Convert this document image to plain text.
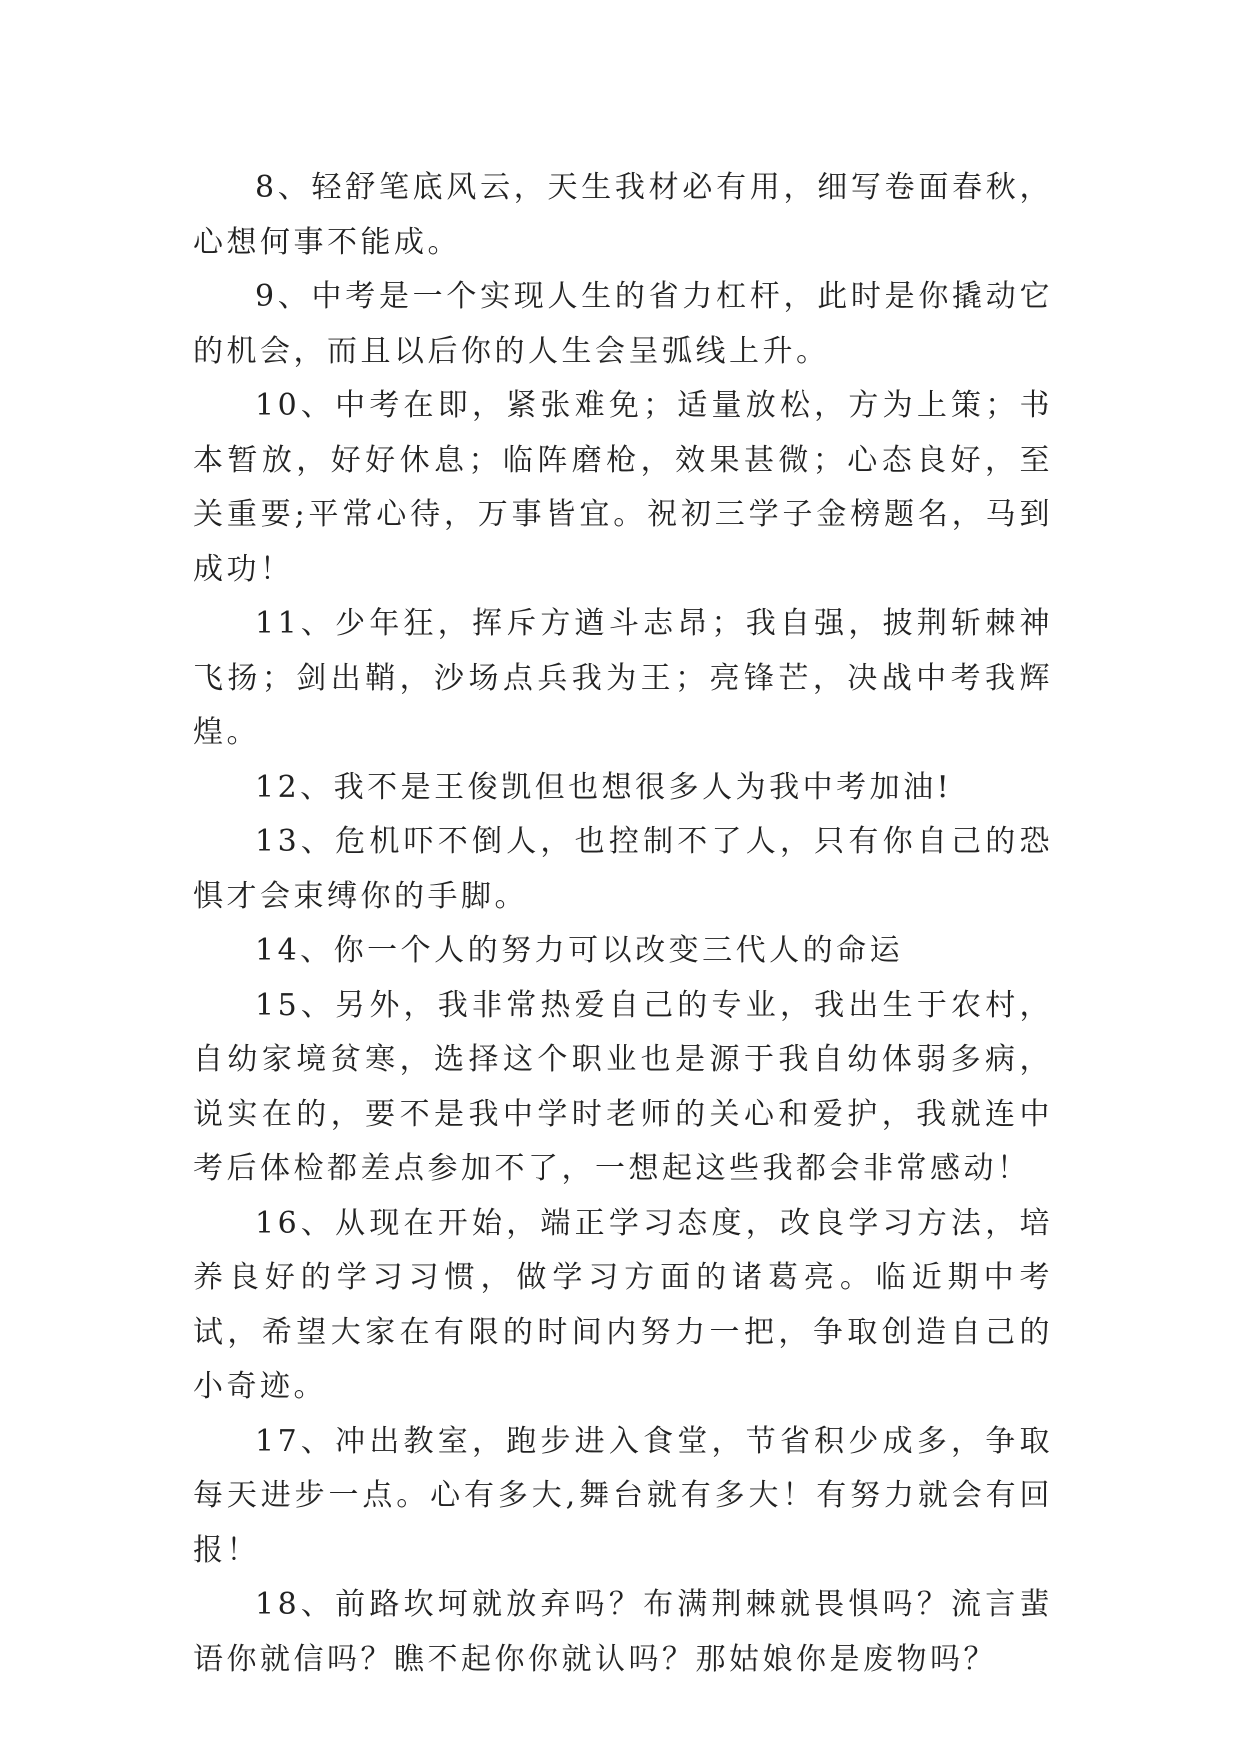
8、轻舒笔底风云，天生我材必有用，细写卷面春秋，心想何事不能成。

9、中考是一个实现人生的省力杠杆，此时是你撬动它的机会，而且以后你的人生会呈弧线上升。

10、中考在即，紧张难免；适量放松，方为上策；书本暂放，好好休息；临阵磨枪，效果甚微；心态良好，至关重要;平常心待，万事皆宜。祝初三学子金榜题名，马到成功！

11、少年狂，挥斥方遒斗志昂；我自强，披荆斩棘神飞扬；剑出鞘，沙场点兵我为王；亮锋芒，决战中考我辉煌。

12、我不是王俊凯但也想很多人为我中考加油!

13、危机吓不倒人，也控制不了人，只有你自己的恐惧才会束缚你的手脚。

14、你一个人的努力可以改变三代人的命运

15、另外，我非常热爱自己的专业，我出生于农村，自幼家境贫寒，选择这个职业也是源于我自幼体弱多病，说实在的，要不是我中学时老师的关心和爱护，我就连中考后体检都差点参加不了，一想起这些我都会非常感动！

16、从现在开始，端正学习态度，改良学习方法，培养良好的学习习惯，做学习方面的诸葛亮。临近期中考试，希望大家在有限的时间内努力一把，争取创造自己的小奇迹。

17、冲出教室，跑步进入食堂，节省积少成多，争取每天进步一点。心有多大,舞台就有多大！有努力就会有回报！

18、前路坎坷就放弃吗？布满荆棘就畏惧吗？流言蜚语你就信吗？瞧不起你你就认吗？那姑娘你是废物吗？
